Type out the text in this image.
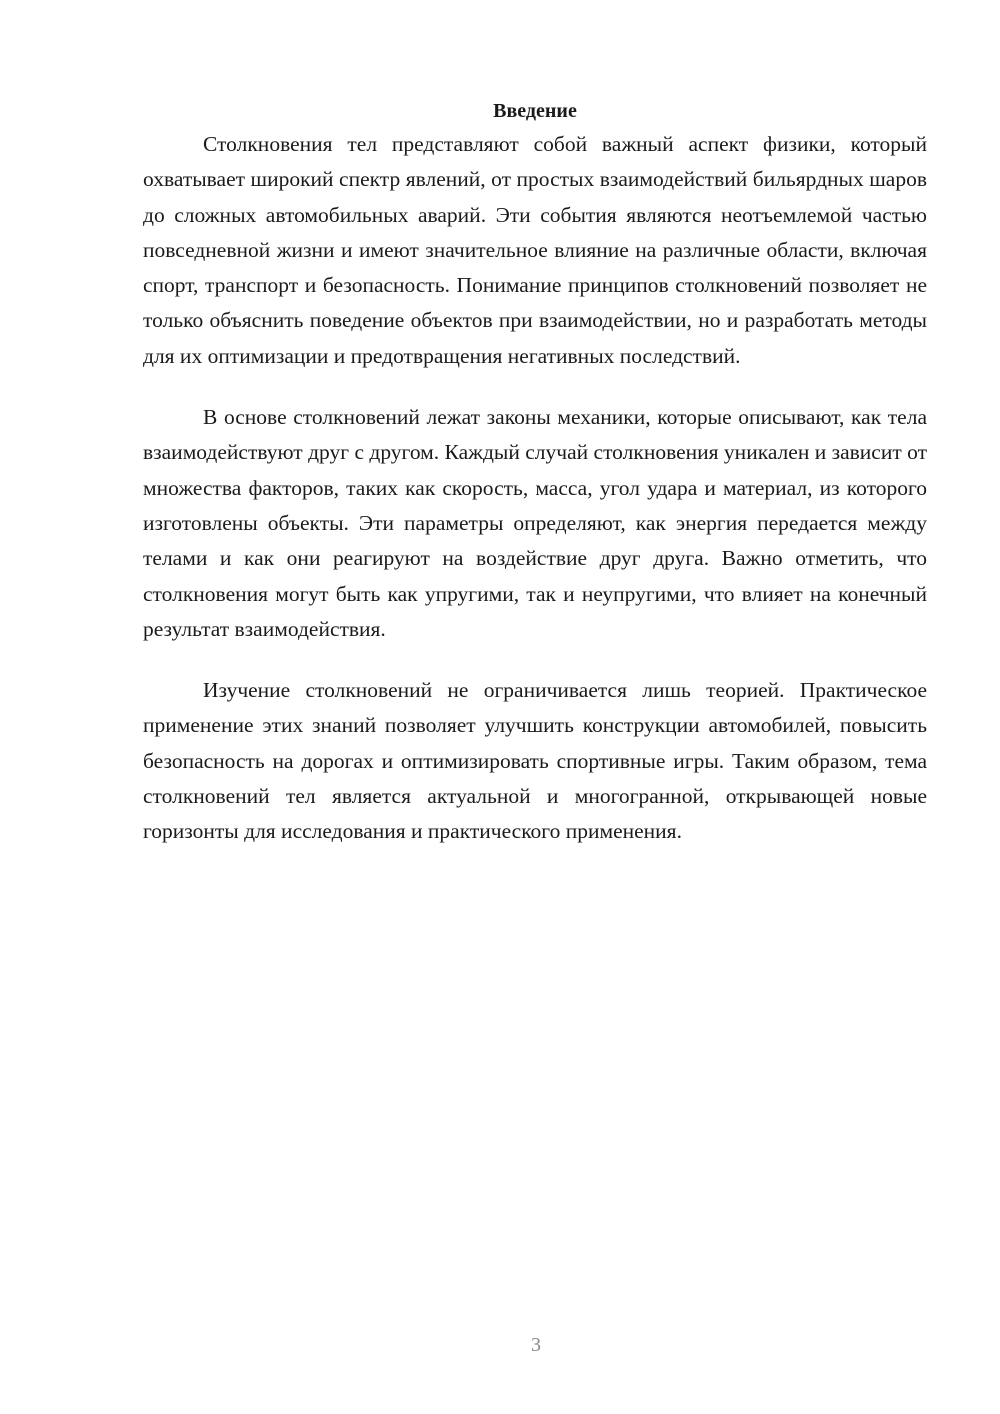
Введение

Столкновения тел представляют собой важный аспект физики, который охватывает широкий спектр явлений, от простых взаимодействий бильярдных шаров до сложных автомобильных аварий. Эти события являются неотъемлемой частью повседневной жизни и имеют значительное влияние на различные области, включая спорт, транспорт и безопасность. Понимание принципов столкновений позволяет не только объяснить поведение объектов при взаимодействии, но и разработать методы для их оптимизации и предотвращения негативных последствий.

В основе столкновений лежат законы механики, которые описывают, как тела взаимодействуют друг с другом. Каждый случай столкновения уникален и зависит от множества факторов, таких как скорость, масса, угол удара и материал, из которого изготовлены объекты. Эти параметры определяют, как энергия передается между телами и как они реагируют на воздействие друг друга. Важно отметить, что столкновения могут быть как упругими, так и неупругими, что влияет на конечный результат взаимодействия.

Изучение столкновений не ограничивается лишь теорией. Практическое применение этих знаний позволяет улучшить конструкции автомобилей, повысить безопасность на дорогах и оптимизировать спортивные игры. Таким образом, тема столкновений тел является актуальной и многогранной, открывающей новые горизонты для исследования и практического применения.

3
